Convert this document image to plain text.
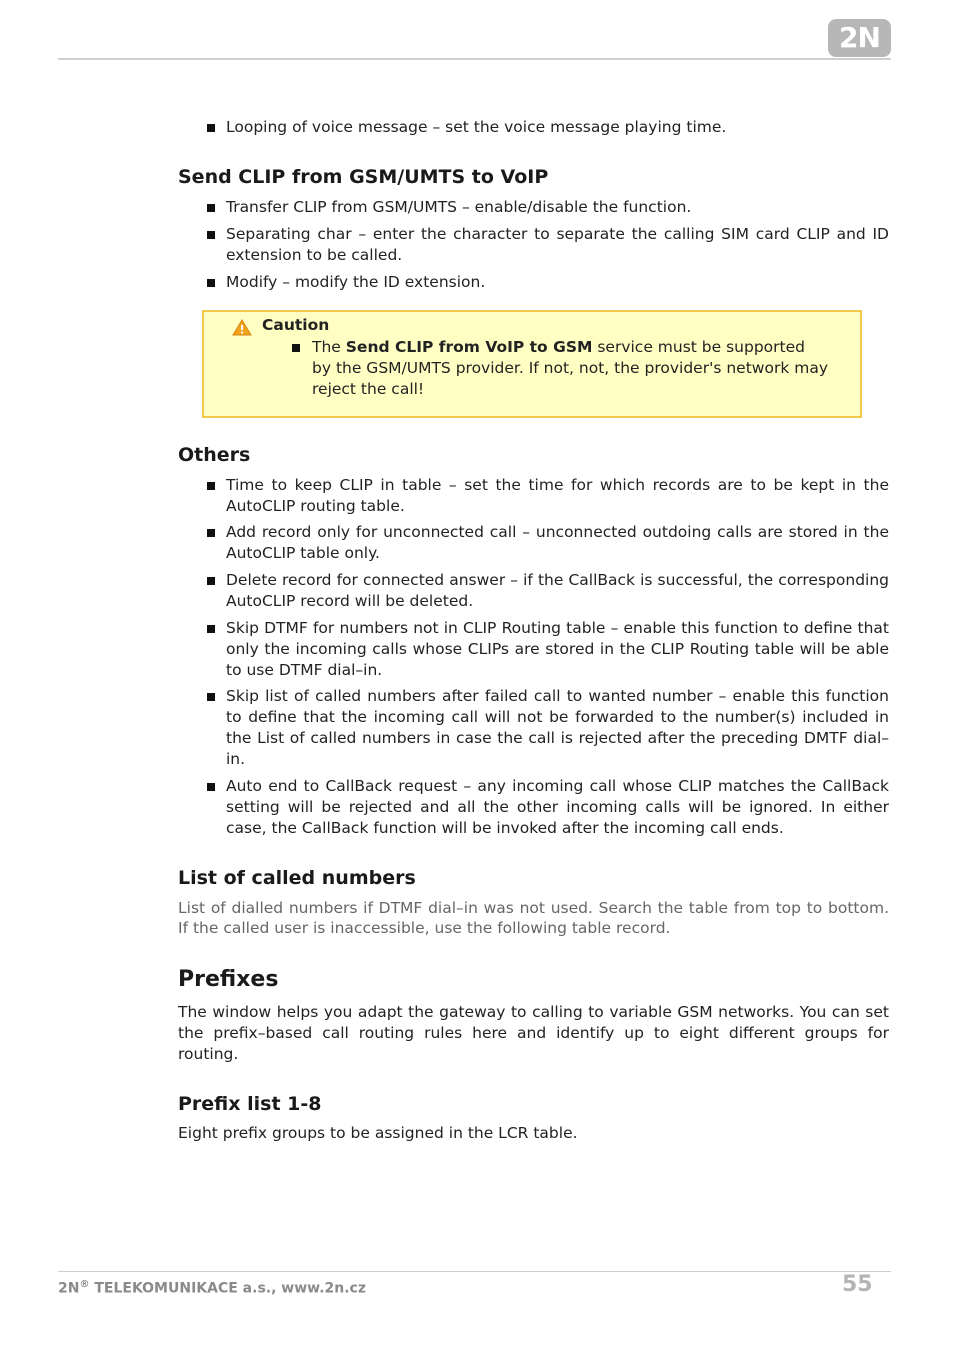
2N
Looping of voice message – set the voice message playing time.
Send CLIP from GSM/UMTS to VoIP
Transfer CLIP from GSM/UMTS – enable/disable the function.
Separating char – enter the character to separate the calling SIM card CLIP and ID extension to be called.
Modify – modify the ID extension.
Caution
The Send CLIP from VoIP to GSM service must be supported by the GSM/UMTS provider. If not, not, the provider's network may reject the call!
Others
Time to keep CLIP in table – set the time for which records are to be kept in the AutoCLIP routing table.
Add record only for unconnected call – unconnected outdoing calls are stored in the AutoCLIP table only.
Delete record for connected answer – if the CallBack is successful, the corresponding AutoCLIP record will be deleted.
Skip DTMF for numbers not in CLIP Routing table – enable this function to define that only the incoming calls whose CLIPs are stored in the CLIP Routing table will be able to use DTMF dial–in.
Skip list of called numbers after failed call to wanted number – enable this function to define that the incoming call will not be forwarded to the number(s) included in the List of called numbers in case the call is rejected after the preceding DMTF dial–in.
Auto end to CallBack request – any incoming call whose CLIP matches the CallBack setting will be rejected and all the other incoming calls will be ignored. In either case, the CallBack function will be invoked after the incoming call ends.
List of called numbers

List of dialled numbers if DTMF dial–in was not used. Search the table from top to bottom. If the called user is inaccessible, use the following table record.

Prefixes

The window helps you adapt the gateway to calling to variable GSM networks. You can set the prefix–based call routing rules here and identify up to eight different groups for routing.

Prefix list 1-8

Eight prefix groups to be assigned in the LCR table.

2N® TELEKOMUNIKACE a.s., www.2n.cz	55
